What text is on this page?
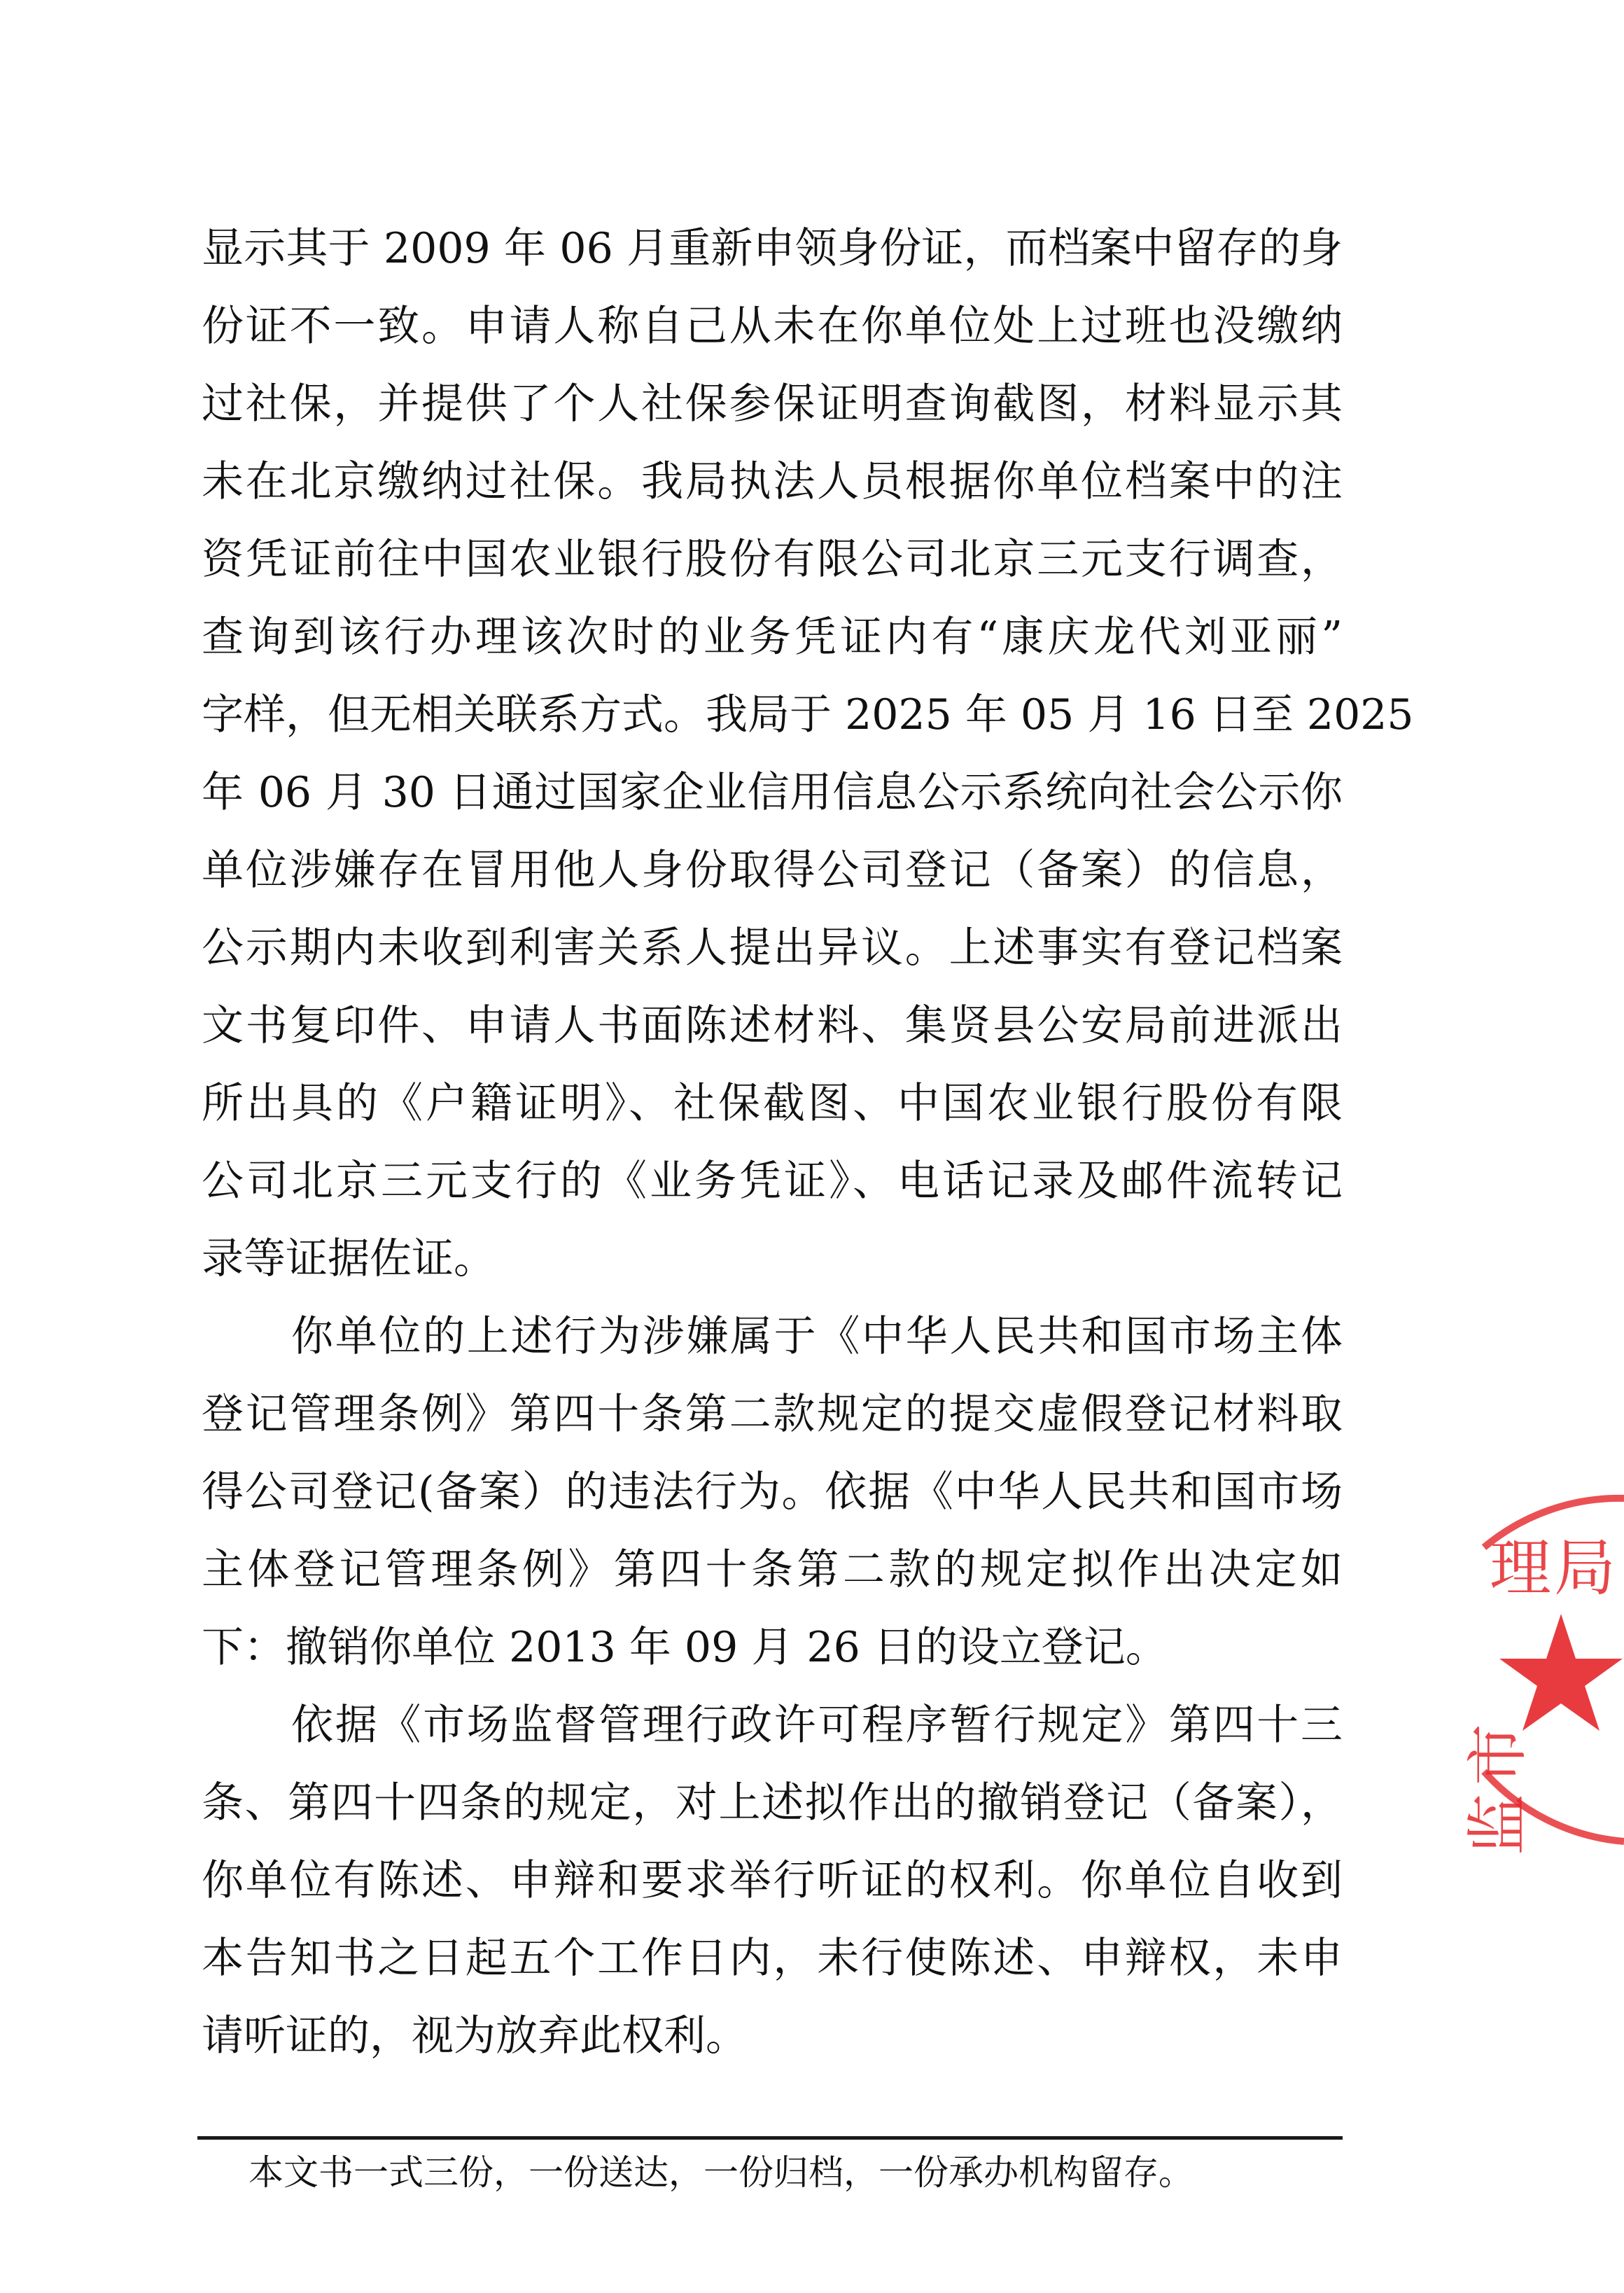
显示其于 2009 年 06 月重新申领身份证，而档案中留存的身
份证不一致。申请人称自己从未在你单位处上过班也没缴纳
过社保，并提供了个人社保参保证明查询截图，材料显示其
未在北京缴纳过社保。我局执法人员根据你单位档案中的注
资凭证前往中国农业银行股份有限公司北京三元支行调查，
查询到该行办理该次时的业务凭证内有“康庆龙代刘亚丽”
字样，但无相关联系方式。我局于 2025 年 05 月 16 日至 2025
年 06 月 30 日通过国家企业信用信息公示系统向社会公示你
单位涉嫌存在冒用他人身份取得公司登记（备案）的信息，
公示期内未收到利害关系人提出异议。上述事实有登记档案
文书复印件、申请人书面陈述材料、集贤县公安局前进派出
所出具的《户籍证明》、社保截图、中国农业银行股份有限
公司北京三元支行的《业务凭证》、电话记录及邮件流转记
录等证据佐证。
你单位的上述行为涉嫌属于《中华人民共和国市场主体
登记管理条例》第四十条第二款规定的提交虚假登记材料取
得公司登记(备案）的违法行为。依据《中华人民共和国市场
主体登记管理条例》第四十条第二款的规定拟作出决定如
下：撤销你单位 2013 年 09 月 26 日的设立登记。
依据《市场监督管理行政许可程序暂行规定》第四十三
条、第四十四条的规定，对上述拟作出的撤销登记（备案），
你单位有陈述、申辩和要求举行听证的权利。你单位自收到
本告知书之日起五个工作日内，未行使陈述、申辩权，未申
请听证的，视为放弃此权利。
本文书一式三份，一份送达，一份归档，一份承办机构留存。
理 局
市
监
